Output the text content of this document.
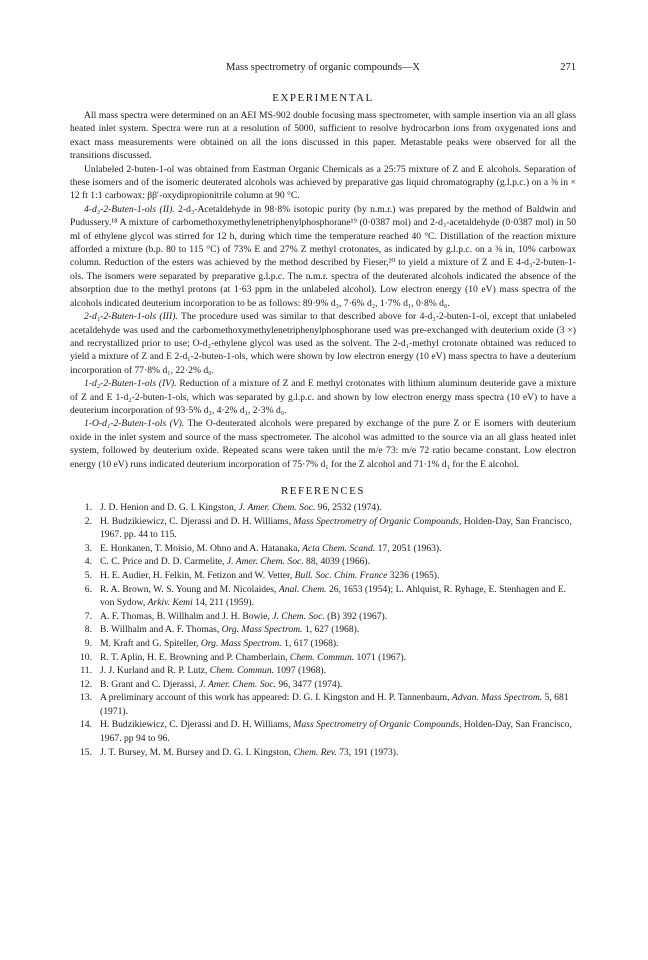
Mass spectrometry of organic compounds—X	271
EXPERIMENTAL

All mass spectra were determined on an AEI MS-902 double focusing mass spectrometer, with sample insertion via an all glass heated inlet system. Spectra were run at a resolution of 5000, sufficient to resolve hydrocarbon ions from oxygenated ions and exact mass measurements were obtained on all the ions discussed in this paper. Metastable peaks were observed for all the transitions discussed.

Unlabeled 2-buten-1-ol was obtained from Eastman Organic Chemicals as a 25:75 mixture of Z and E alcohols. Separation of these isomers and of the isomeric deuterated alcohols was achieved by preparative gas liquid chromatography (g.l.p.c.) on a ⅜ in × 12 ft 1:1 carbowax: ββ′-oxydipropionitrile column at 90 °C.

4-d₃-2-Buten-1-ols (II). 2-d₃-Acetaldehyde in 98·8% isotopic purity (by n.m.r.) was prepared by the method of Baldwin and Pudussery.¹⁸ A mixture of carbomethoxymethylenetriphenylphosphorane¹⁹ (0·0387 mol) and 2-d₃-acetaldehyde (0·0387 mol) in 50 ml of ethylene glycol was stirred for 12 h, during which time the temperature reached 40 °C. Distillation of the reaction mixture afforded a mixture (b.p. 80 to 115 °C) of 73% E and 27% Z methyl crotonates, as indicated by g.l.p.c. on a ⅜ in, 10% carbowax column. Reduction of the esters was achieved by the method described by Fieser,²⁰ to yield a mixture of Z and E 4-d₃-2-buten-1-ols. The isomers were separated by preparative g.l.p.c. The n.m.r. spectra of the deuterated alcohols indicated the absence of the absorption due to the methyl protons (at 1·63 ppm in the unlabeled alcohol). Low electron energy (10 eV) mass spectra of the alcohols indicated deuterium incorporation to be as follows: 89·9% d₃, 7·6% d₂, 1·7% d₁, 0·8% d₀.

2-d₁-2-Buten-1-ols (III). The procedure used was similar to that described above for 4-d₃-2-buten-1-ol, except that unlabeled acetaldehyde was used and the carbomethoxymethylenetriphenylphosphorane used was pre-exchanged with deuterium oxide (3 ×) and recrystallized prior to use; O-d₂-ethylene glycol was used as the solvent. The 2-d₁-methyl crotonate obtained was reduced to yield a mixture of Z and E 2-d₁-2-buten-1-ols, which were shown by low electron energy (10 eV) mass spectra to have a deuterium incorporation of 77·8% d₁, 22·2% d₀.

1-d₂-2-Buten-1-ols (IV). Reduction of a mixture of Z and E methyl crotonates with lithium aluminum deuteride gave a mixture of Z and E 1-d₂-2-buten-1-ols, which was separated by g.l.p.c. and shown by low electron energy mass spectra (10 eV) to have a deuterium incorporation of 93·5% d₂, 4·2% d₁, 2·3% d₀.

1-O-d₁-2-Buten-1-ols (V). The O-deuterated alcohols were prepared by exchange of the pure Z or E isomers with deuterium oxide in the inlet system and source of the mass spectrometer. The alcohol was admitted to the source via an all glass heated inlet system, followed by deuterium oxide. Repeated scans were taken until the m/e 73: m/e 72 ratio became constant. Low electron energy (10 eV) runs indicated deuterium incorporation of 75·7% d₁ for the Z alcohol and 71·1% d₁ for the E alcohol.

REFERENCES
1. J. D. Henion and D. G. I. Kingston, J. Amer. Chem. Soc. 96, 2532 (1974).
2. H. Budzikiewicz, C. Djerassi and D. H. Williams, Mass Spectrometry of Organic Compounds, Holden-Day, San Francisco, 1967. pp. 44 to 115.
3. E. Honkanen, T. Moisio, M. Ohno and A. Hatanaka, Acta Chem. Scand. 17, 2051 (1963).
4. C. C. Price and D. D. Carmelite, J. Amer. Chem. Soc. 88, 4039 (1966).
5. H. E. Audier, H. Felkin, M. Fetizon and W. Vetter, Bull. Soc. Chim. France 3236 (1965).
6. R. A. Brown, W. S. Young and M. Nicolaides, Anal. Chem. 26, 1653 (1954); L. Ahlquist, R. Ryhage, E. Stenhagen and E. von Sydow, Arkiv. Kemi 14, 211 (1959).
7. A. F. Thomas, B. Willhalm and J. H. Bowie, J. Chem. Soc. (B) 392 (1967).
8. B. Willhalm and A. F. Thomas, Org. Mass Spectrom. 1, 627 (1968).
9. M. Kraft and G. Spiteller, Org. Mass Spectrom. 1, 617 (1968).
10. R. T. Aplin, H. E. Browning and P. Chamberlain, Chem. Commun. 1071 (1967).
11. J. J. Kurland and R. P. Lutz, Chem. Commun. 1097 (1968).
12. B. Grant and C. Djerassi, J. Amer. Chem. Soc. 96, 3477 (1974).
13. A preliminary account of this work has appeared: D. G. I. Kingston and H. P. Tannenbaum, Advan. Mass Spectrom. 5, 681 (1971).
14. H. Budzikiewicz, C. Djerassi and D. H. Williams, Mass Spectrometry of Organic Compounds, Holden-Day, San Francisco, 1967. pp 94 to 96.
15. J. T. Bursey, M. M. Bursey and D. G. I. Kingston, Chem. Rev. 73, 191 (1973).
